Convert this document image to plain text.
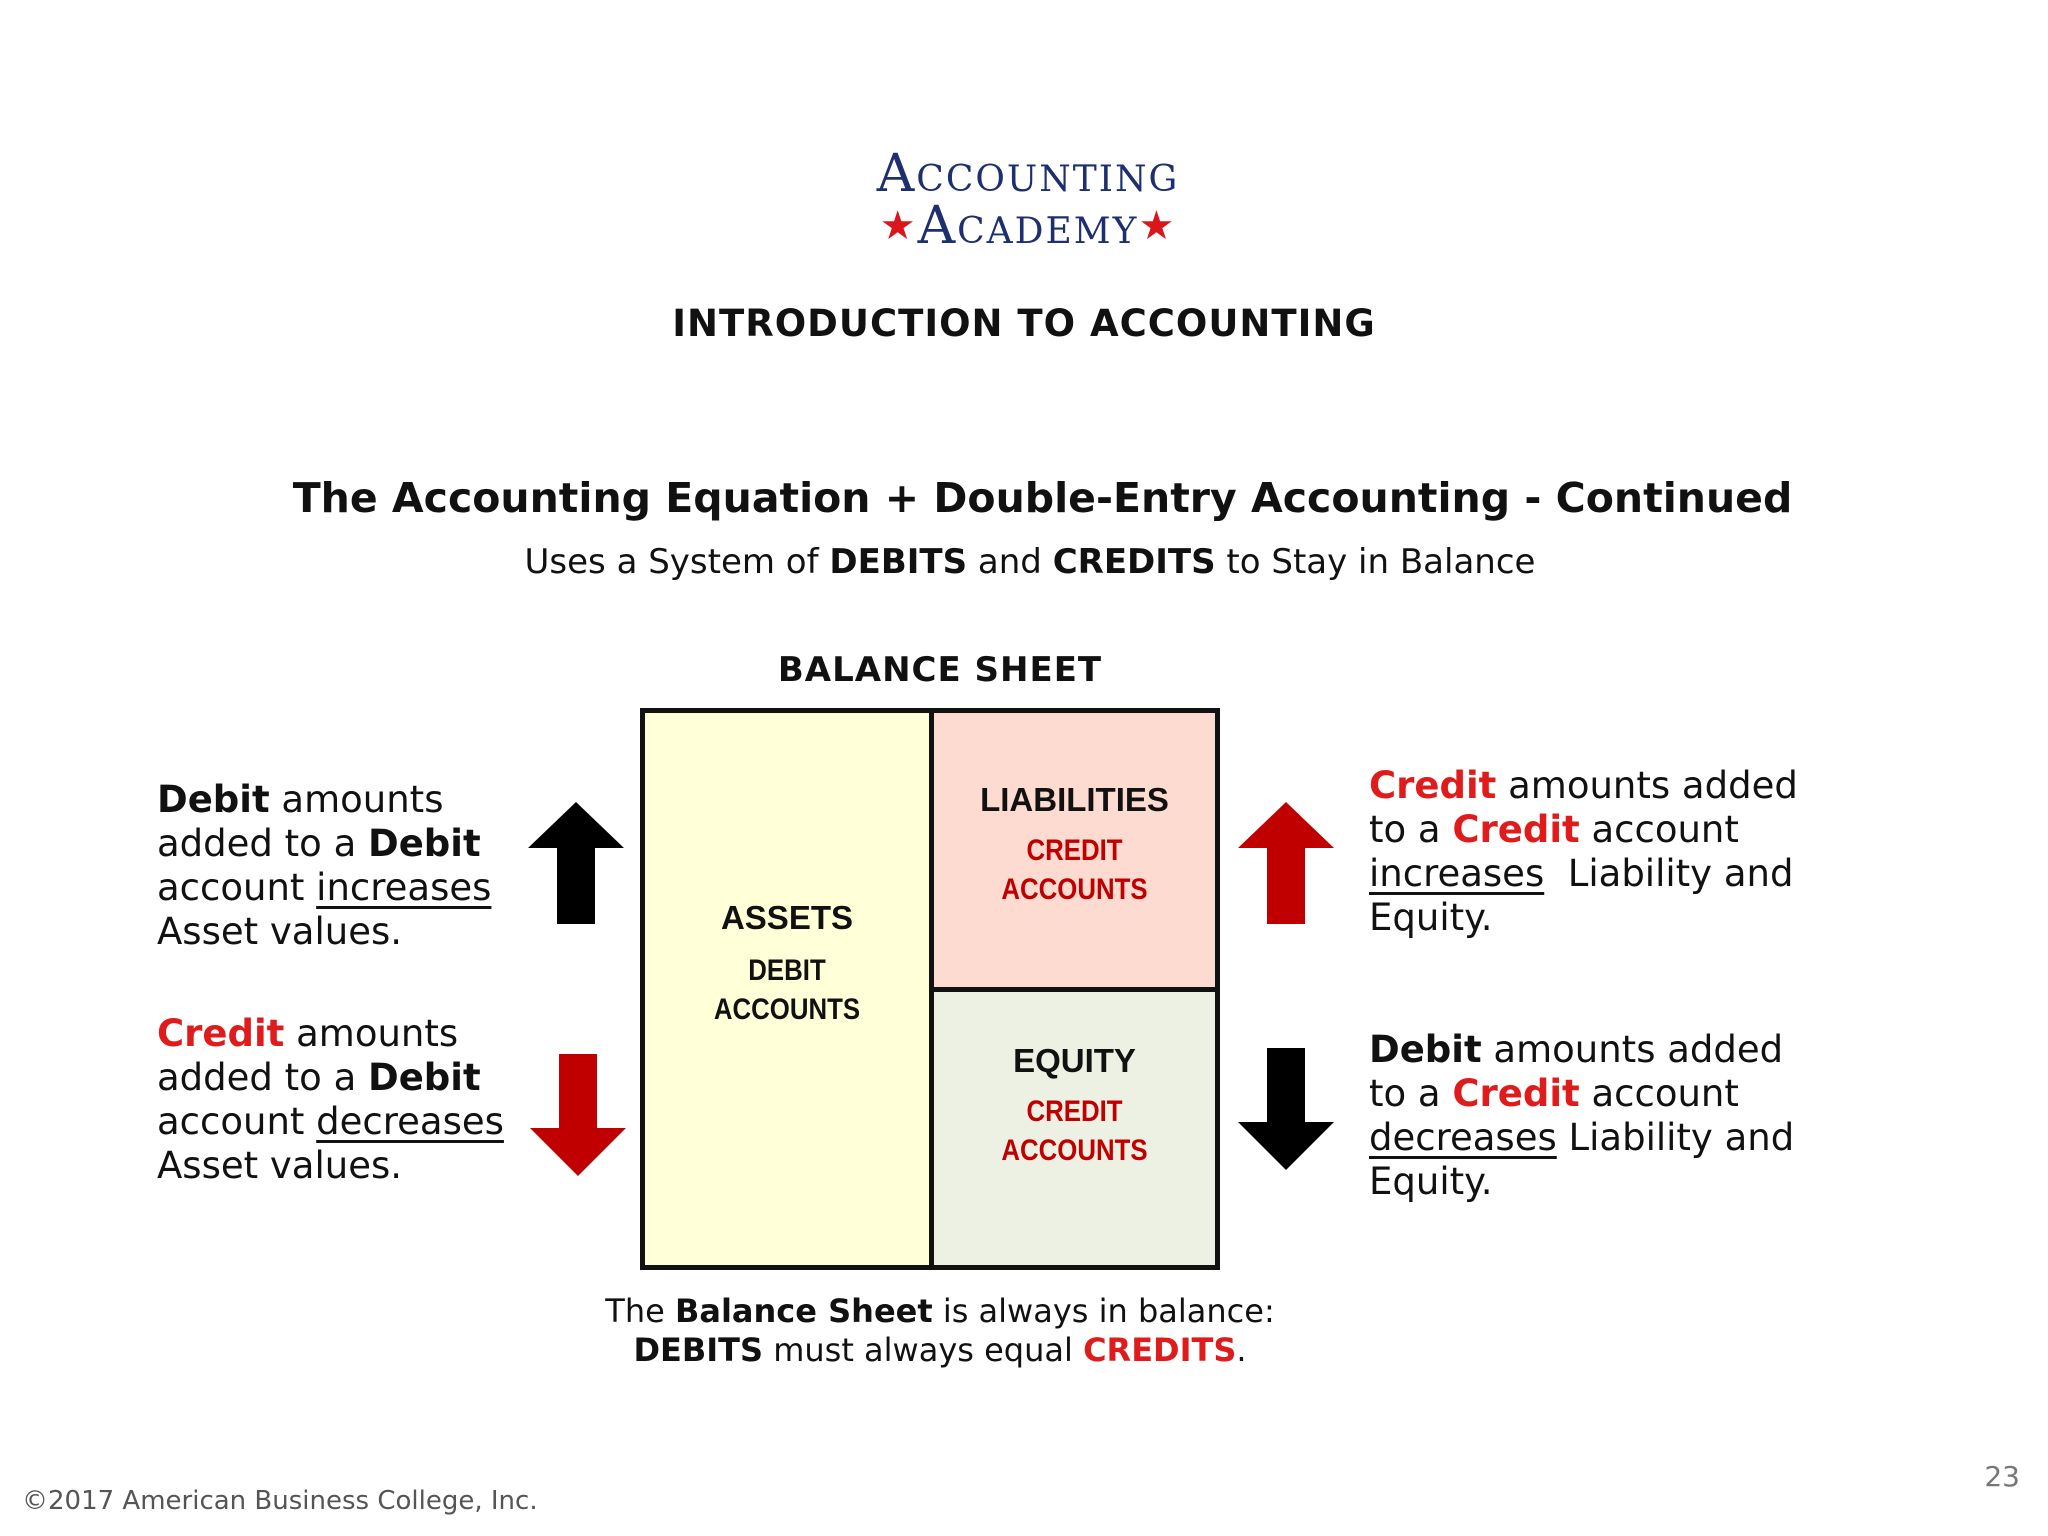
Accounting
★Academy★
INTRODUCTION TO ACCOUNTING
The Accounting Equation + Double-Entry Accounting - Continued
Uses a System of DEBITS and CREDITS to Stay in Balance
BALANCE SHEET
ASSETS
DEBIT
ACCOUNTS
LIABILITIES
CREDIT
ACCOUNTS
EQUITY
CREDIT
ACCOUNTS
Debit amounts
added to a Debit
account increases
Asset values.
Credit amounts
added to a Debit
account decreases
Asset values.
Credit amounts added
to a Credit account
increases  Liability and
Equity.
Debit amounts added
to a Credit account
decreases Liability and
Equity.
The Balance Sheet is always in balance:
DEBITS must always equal CREDITS.
©2017 American Business College, Inc.
23
